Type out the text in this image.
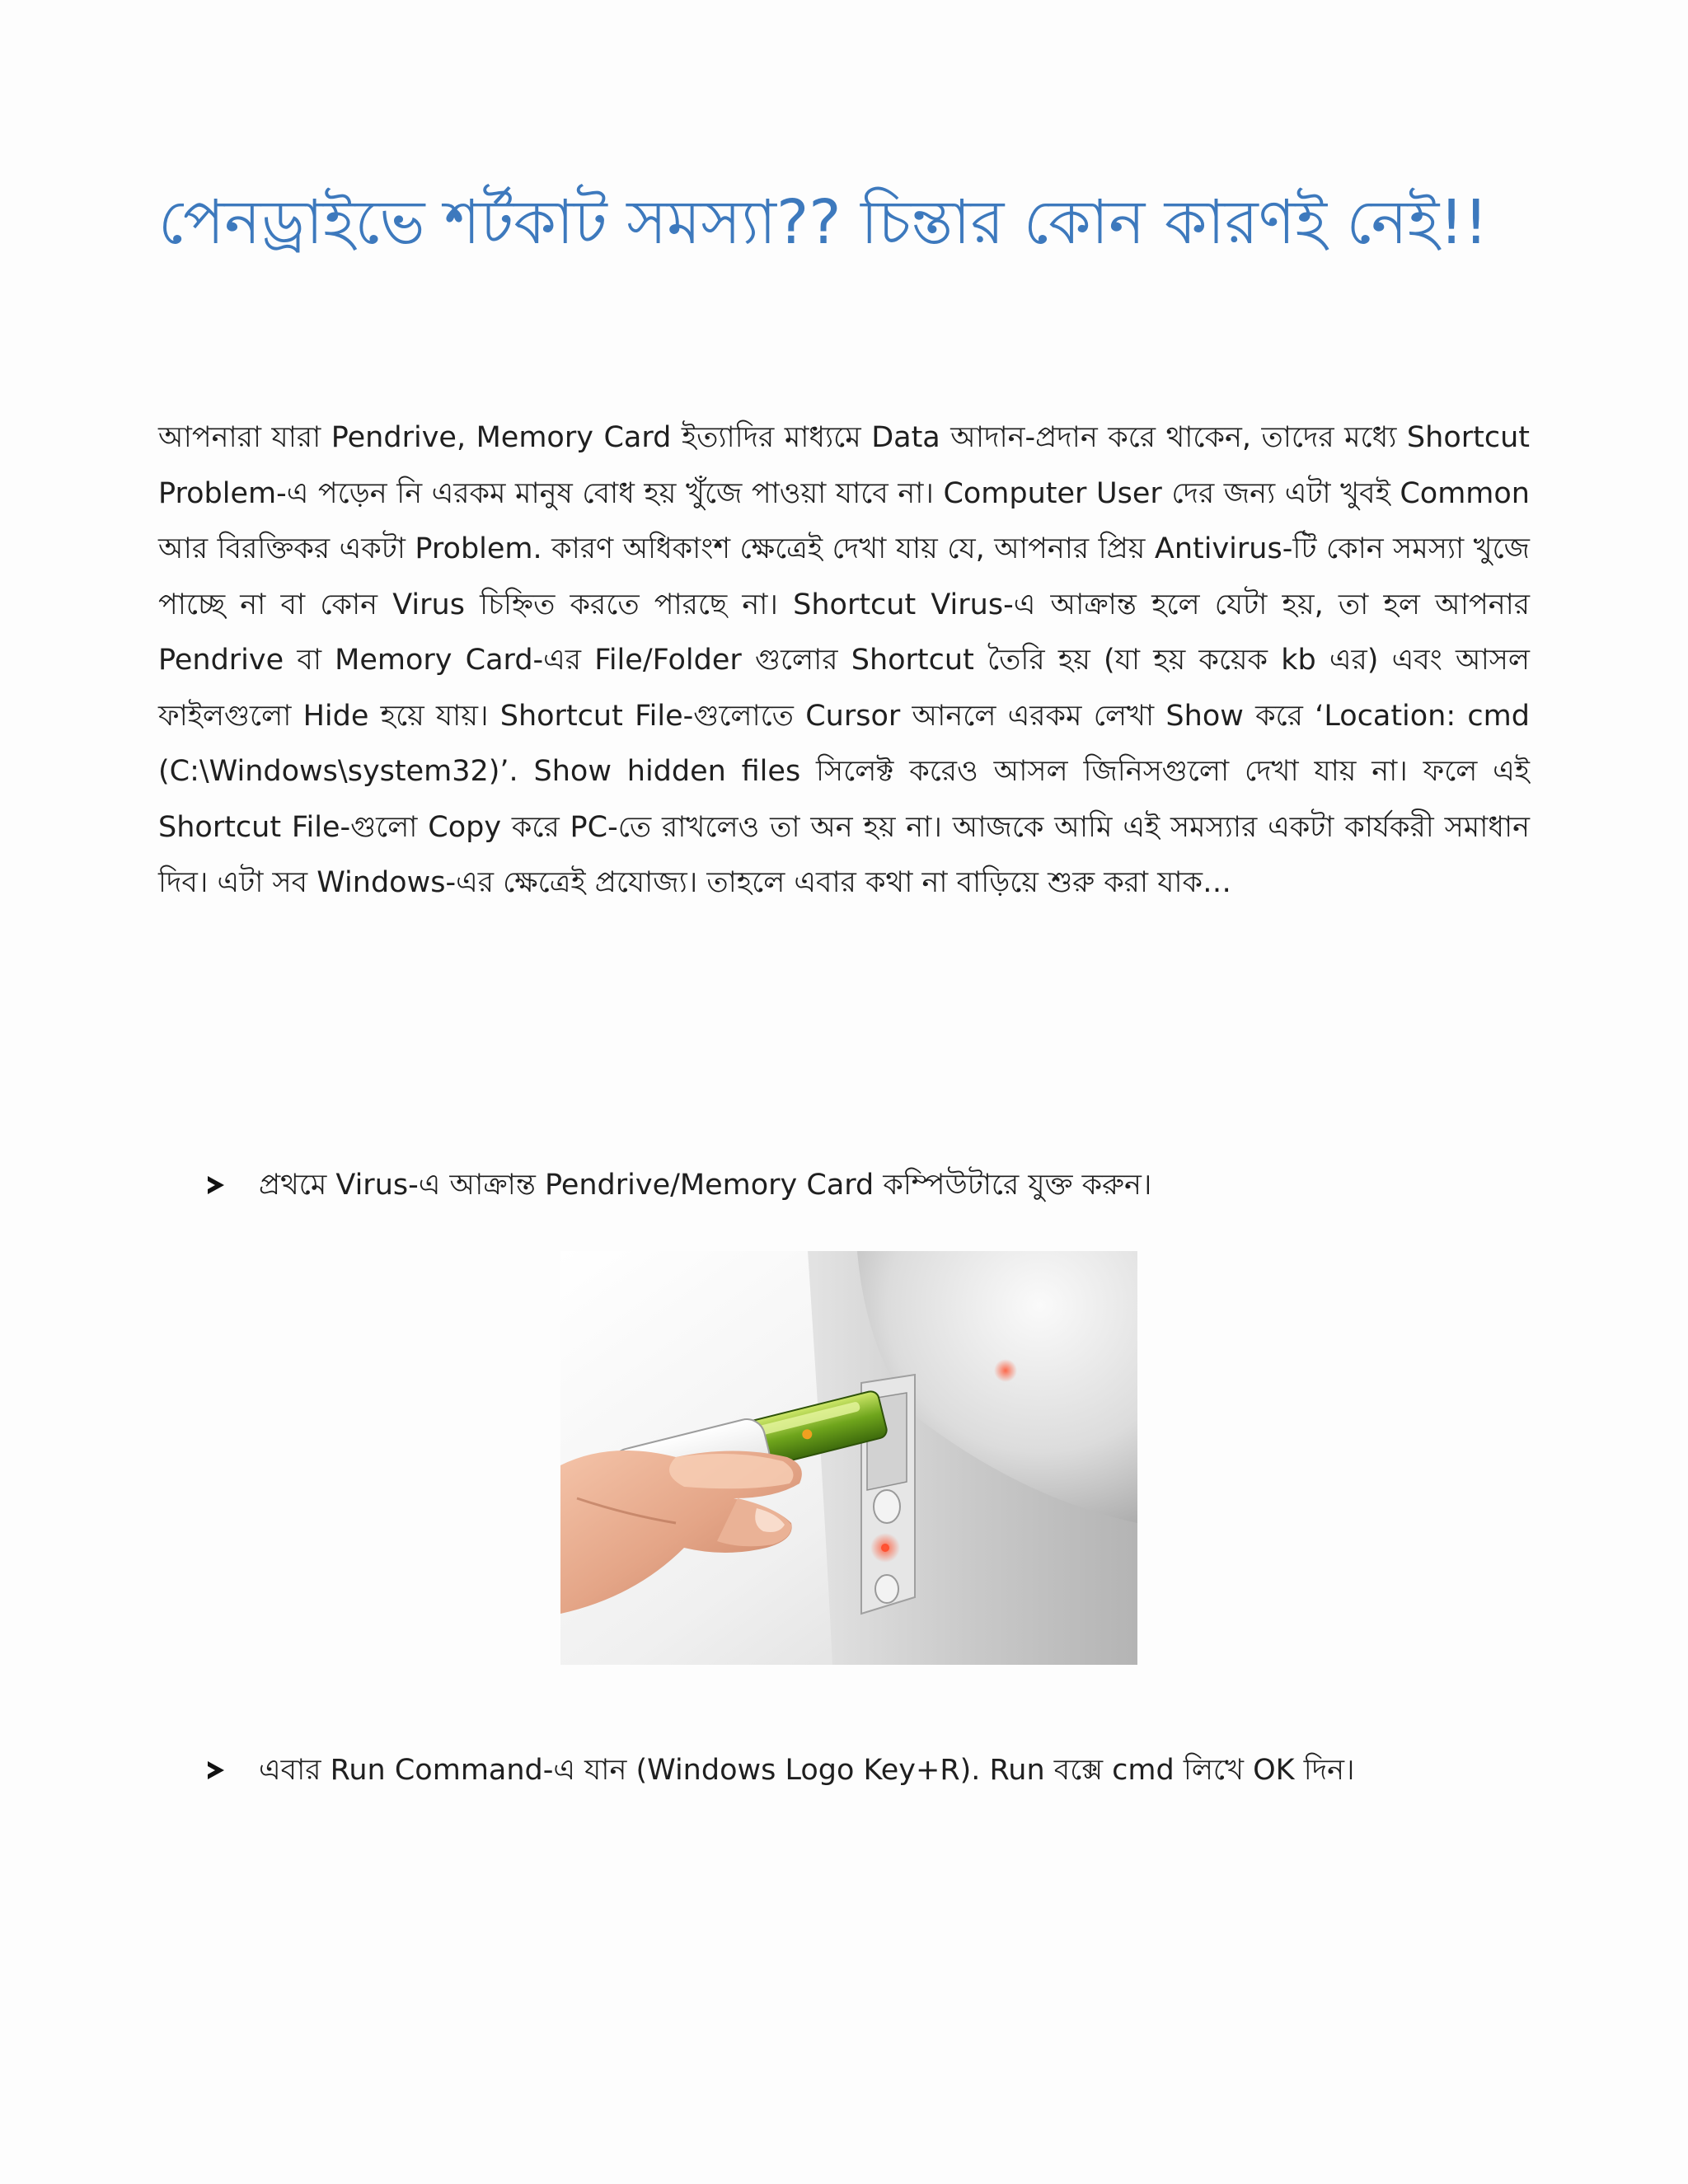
পেনড্রাইভে শর্টকাট সমস্যা?? চিন্তার কোন কারণই নেই!!

আপনারা যারা Pendrive, Memory Card ইত্যাদির মাধ্যমে Data আদান-প্রদান করে থাকেন, তাদের মধ্যে Shortcut Problem-এ পড়েন নি এরকম মানুষ বোধ হয় খুঁজে পাওয়া যাবে না। Computer User দের জন্য এটা খুবই Common আর বিরক্তিকর একটা Problem. কারণ অধিকাংশ ক্ষেত্রেই দেখা যায় যে, আপনার প্রিয় Antivirus-টি কোন সমস্যা খুজে পাচ্ছে না বা কোন Virus চিহ্নিত করতে পারছে না। Shortcut Virus-এ আক্রান্ত হলে যেটা হয়, তা হল আপনার Pendrive বা Memory Card-এর File/Folder গুলোর Shortcut তৈরি হয় (যা হয় কয়েক kb এর) এবং আসল ফাইলগুলো Hide হয়ে যায়। Shortcut File-গুলোতে Cursor আনলে এরকম লেখা Show করে ‘Location: cmd (C:\Windows\system32)’. Show hidden files সিলেক্ট করেও আসল জিনিসগুলো দেখা যায় না। ফলে এই Shortcut File-গুলো Copy করে PC-তে রাখলেও তা অন হয় না। আজকে আমি এই সমস্যার একটা কার্যকরী সমাধান দিব। এটা সব Windows-এর ক্ষেত্রেই প্রযোজ্য। তাহলে এবার কথা না বাড়িয়ে শুরু করা যাক…

প্রথমে Virus-এ আক্রান্ত Pendrive/Memory Card কম্পিউটারে যুক্ত করুন।
এবার Run Command-এ যান (Windows Logo Key+R). Run বক্সে cmd লিখে OK দিন।
